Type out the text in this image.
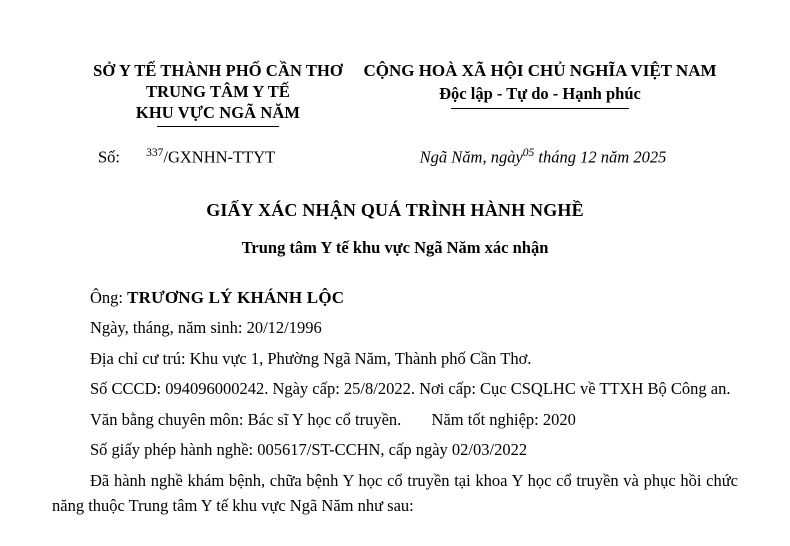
SỞ Y TẾ THÀNH PHỐ CẦN THƠ
TRUNG TÂM Y TẾ
KHU VỰC NGÃ NĂM
CỘNG HOÀ XÃ HỘI CHỦ NGHĨA VIỆT NAM
Độc lập - Tự do - Hạnh phúc
Số: $^{337}$/GXNHN-TTYT	Ngã Năm, ngày$^{05}$ tháng 12 năm 2025
GIẤY XÁC NHẬN QUÁ TRÌNH HÀNH NGHỀ
Trung tâm Y tế khu vực Ngã Năm xác nhận

Ông: TRƯƠNG LÝ KHÁNH LỘC

Ngày, tháng, năm sinh: 20/12/1996

Địa chỉ cư trú: Khu vực 1, Phường Ngã Năm, Thành phố Cần Thơ.

Số CCCD: 094096000242. Ngày cấp: 25/8/2022. Nơi cấp: Cục CSQLHC về TTXH Bộ Công an.

Văn bằng chuyên môn: Bác sĩ Y học cổ truyền. Năm tốt nghiệp: 2020

Số giấy phép hành nghề: 005617/ST-CCHN, cấp ngày 02/03/2022

Đã hành nghề khám bệnh, chữa bệnh Y học cổ truyền tại khoa Y học cổ truyền và phục hồi chức năng thuộc Trung tâm Y tế khu vực Ngã Năm như sau:
